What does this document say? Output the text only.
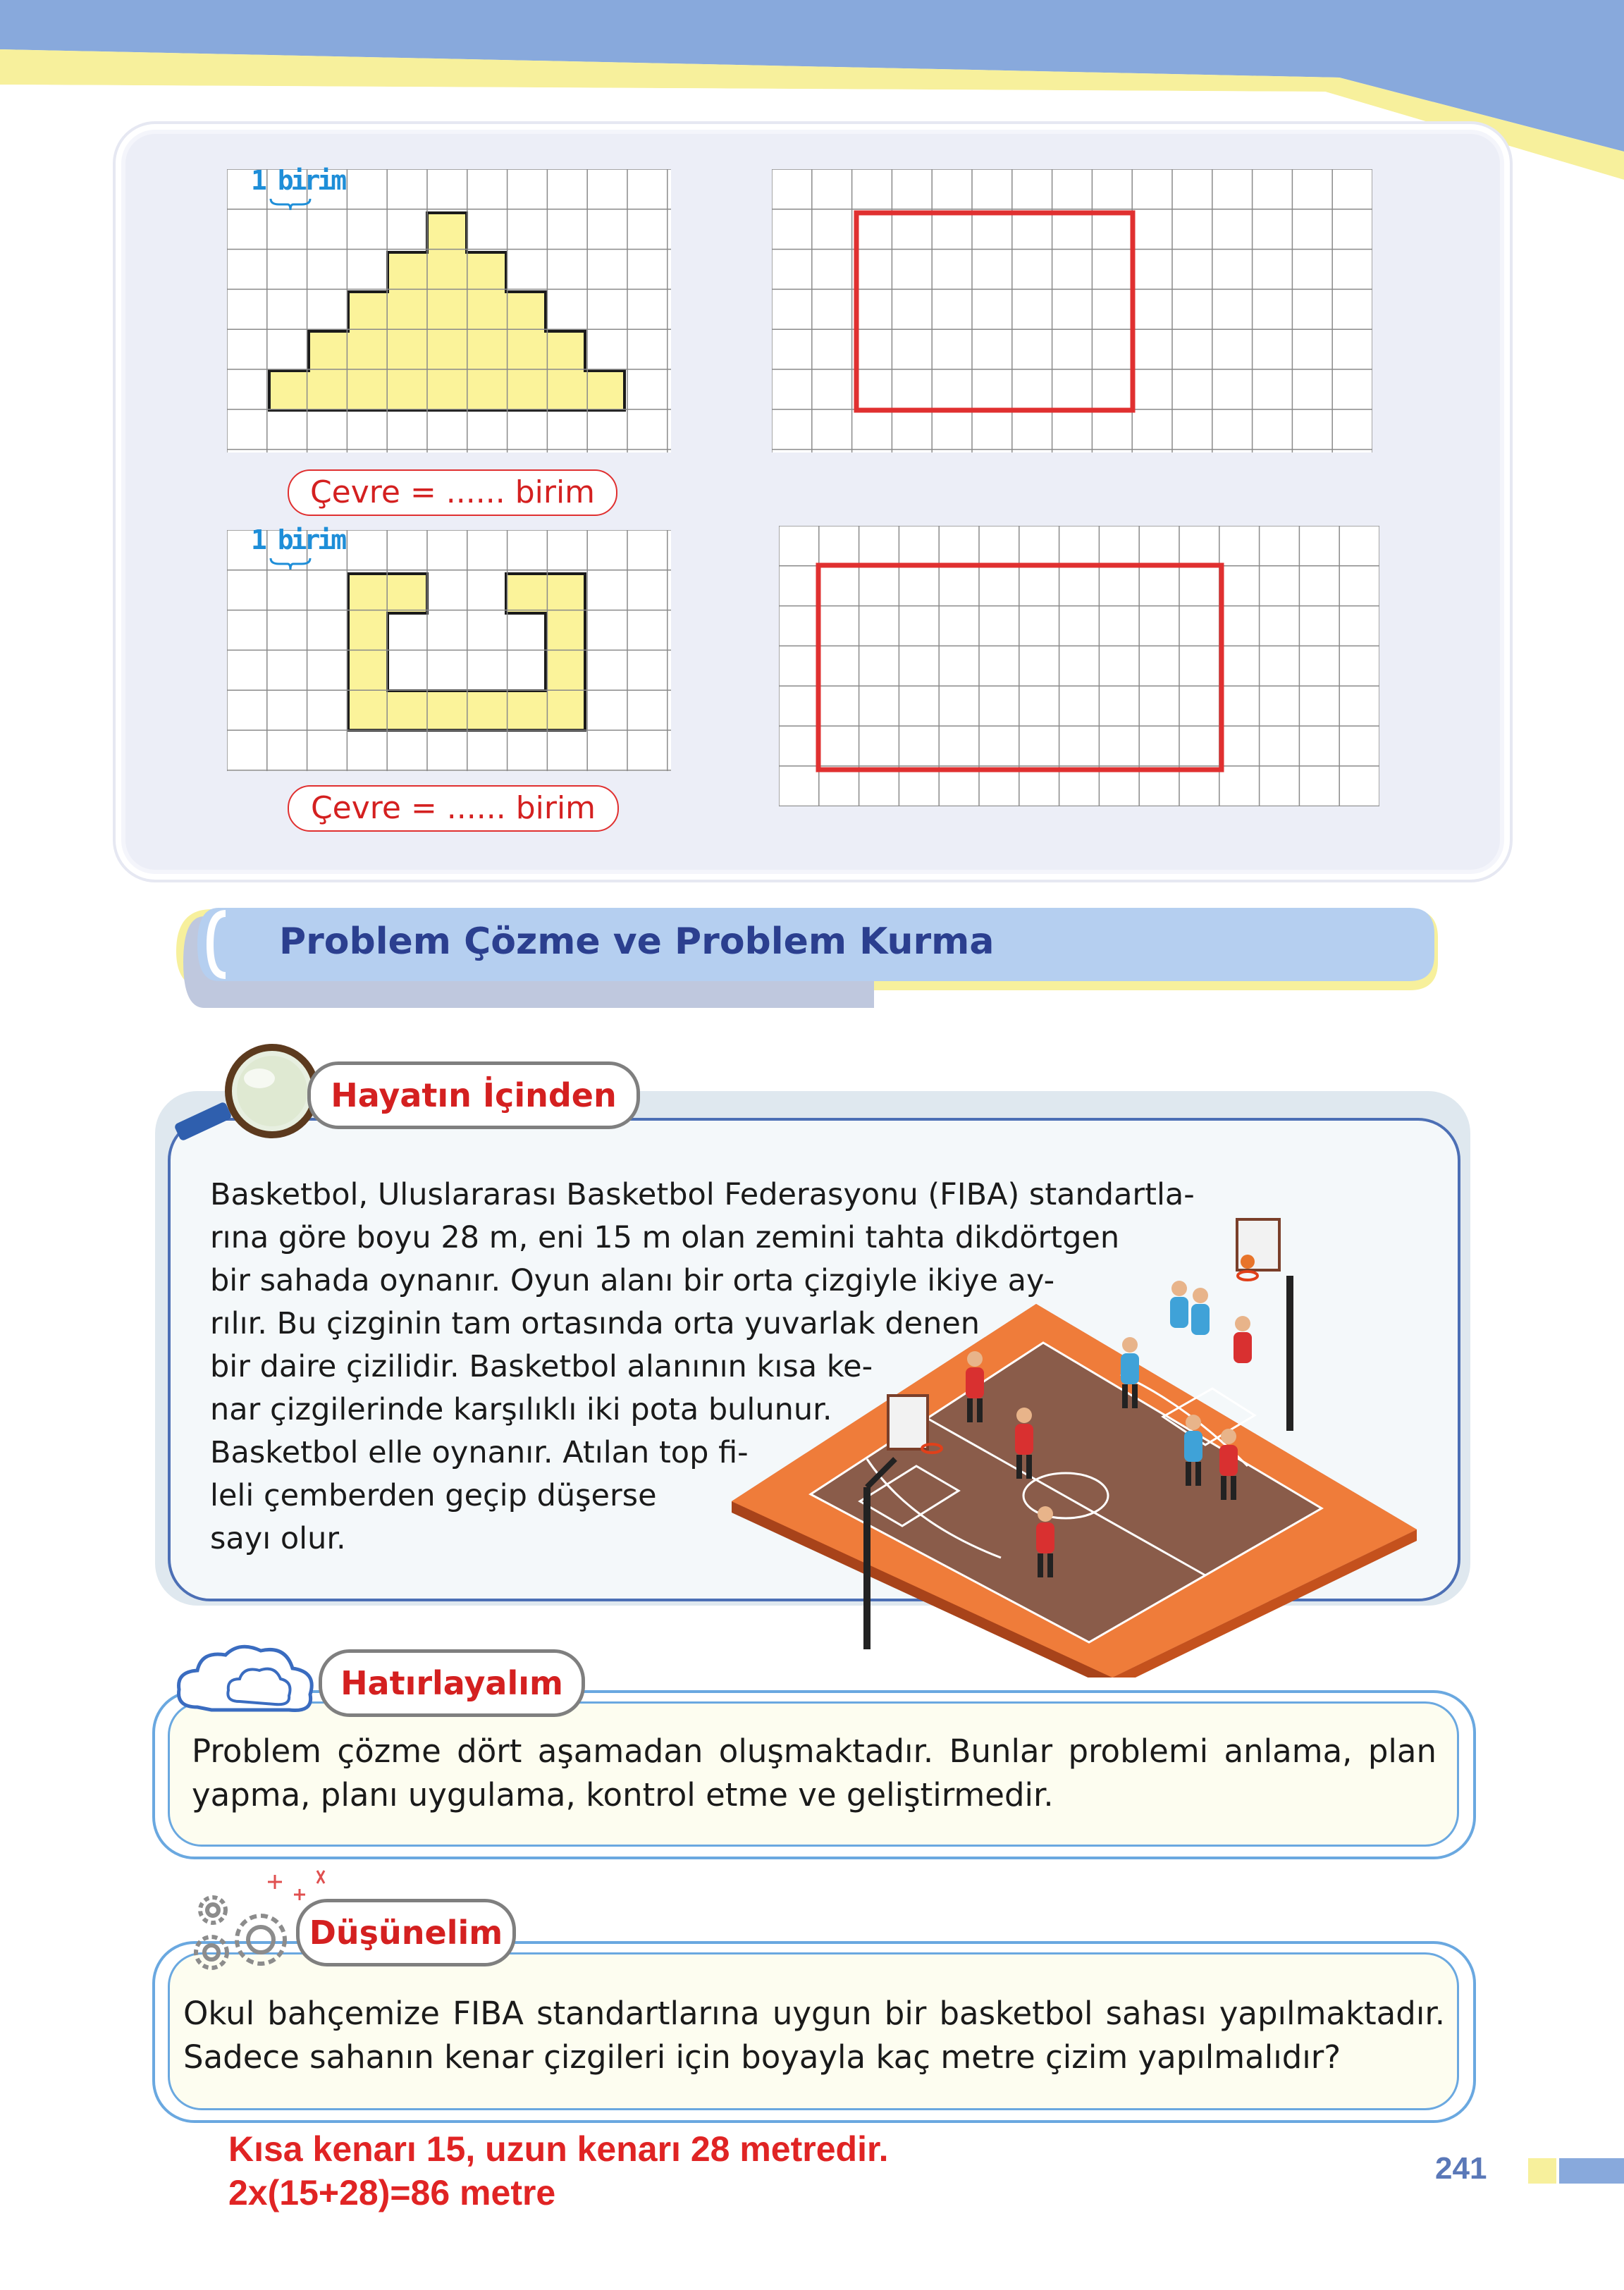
1 birim
Çevre = ...... birim
1 birim
Çevre = ...... birim
Problem Çözme ve Problem Kurma
Hayatın İçinden
Basketbol, Uluslararası Basketbol Federasyonu (FIBA) standartla-
rına göre boyu 28 m, eni 15 m olan zemini tahta dikdörtgen
bir sahada oynanır. Oyun alanı bir orta çizgiyle ikiye ay-
rılır. Bu çizginin tam ortasında orta yuvarlak denen
bir daire çizilidir. Basketbol alanının kısa ke-
nar çizgilerinde karşılıklı iki pota bulunur.
Basketbol elle oynanır. Atılan top fi-
leli çemberden geçip düşerse
sayı olur.
Hatırlayalım
Problem çözme dört aşamadan oluşmaktadır. Bunlar problemi anlama, plan
yapma, planı uygulama, kontrol etme ve geliştirmedir.
Düşünelim
Okul bahçemize FIBA standartlarına uygun bir basketbol sahası yapılmaktadır.
Sadece sahanın kenar çizgileri için boyayla kaç metre çizim yapılmalıdır?
Kısa kenarı 15, uzun kenarı 28 metredir.
2x(15+28)=86 metre
241
